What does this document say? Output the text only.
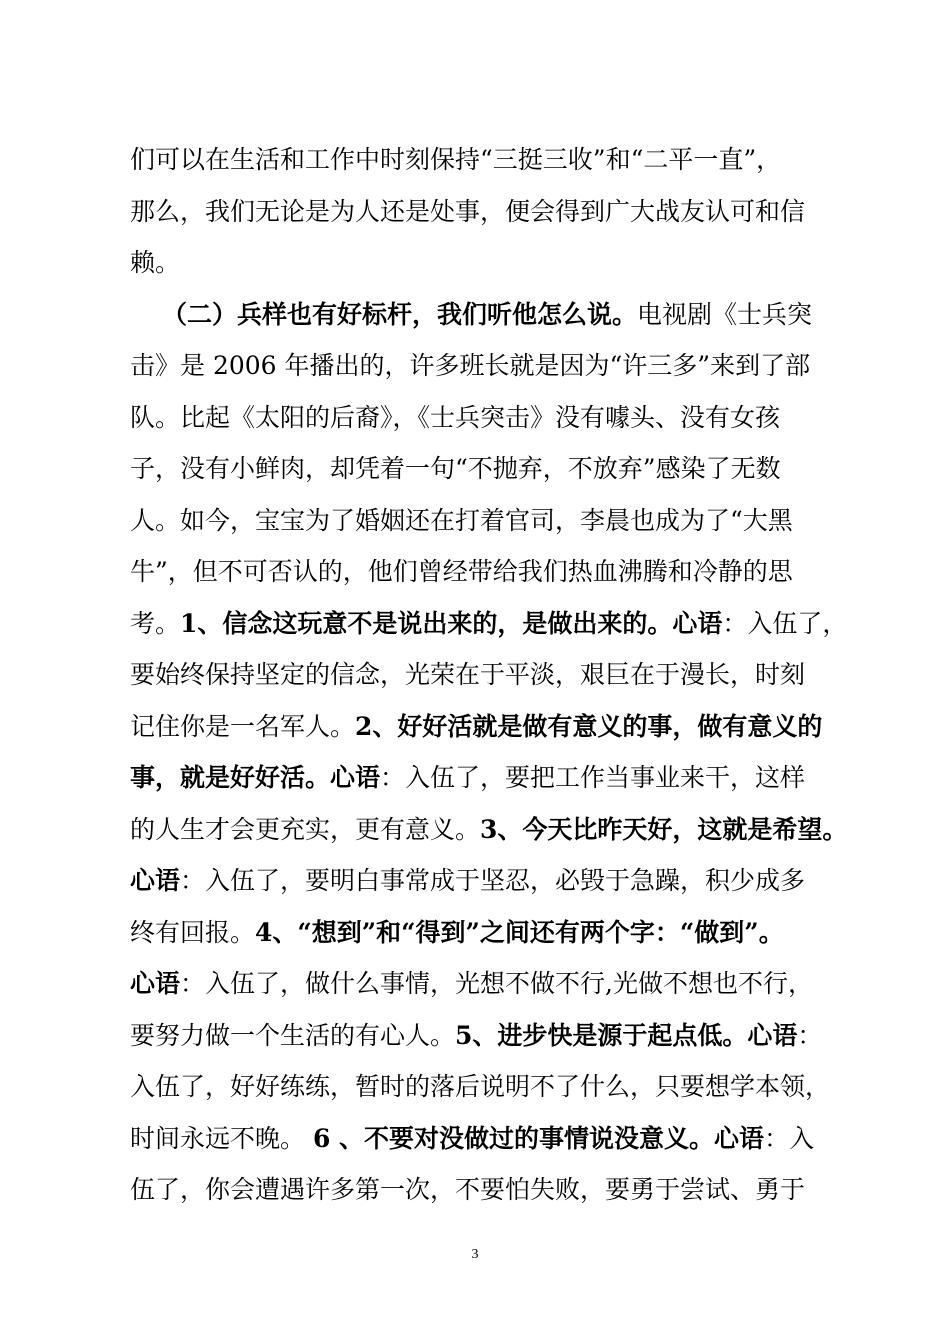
们可以在生活和工作中时刻保持“三挺三收”和“二平一直”，
那么，我们无论是为人还是处事，便会得到广大战友认可和信
赖。
（二）兵样也有好标杆，我们听他怎么说。电视剧《士兵突
击》是 2006 年播出的，许多班长就是因为“许三多”来到了部
队。比起《太阳的后裔》，《士兵突击》没有噱头、没有女孩
子，没有小鲜肉，却凭着一句“不抛弃，不放弃”感染了无数
人。如今，宝宝为了婚姻还在打着官司，李晨也成为了“大黑
牛”，但不可否认的，他们曾经带给我们热血沸腾和冷静的思
考。1、信念这玩意不是说出来的，是做出来的。心语：入伍了，
要始终保持坚定的信念，光荣在于平淡，艰巨在于漫长，时刻
记住你是一名军人。2、好好活就是做有意义的事，做有意义的
事，就是好好活。心语：入伍了，要把工作当事业来干，这样
的人生才会更充实，更有意义。3、今天比昨天好，这就是希望。
心语：入伍了，要明白事常成于坚忍，必毁于急躁，积少成多
终有回报。4、“想到”和“得到”之间还有两个字：“做到”。
心语：入伍了，做什么事情，光想不做不行,光做不想也不行，
要努力做一个生活的有心人。5、进步快是源于起点低。心语：
入伍了，好好练练，暂时的落后说明不了什么，只要想学本领，
时间永远不晚。 6 、不要对没做过的事情说没意义。心语：入
伍了，你会遭遇许多第一次，不要怕失败，要勇于尝试、勇于
3
